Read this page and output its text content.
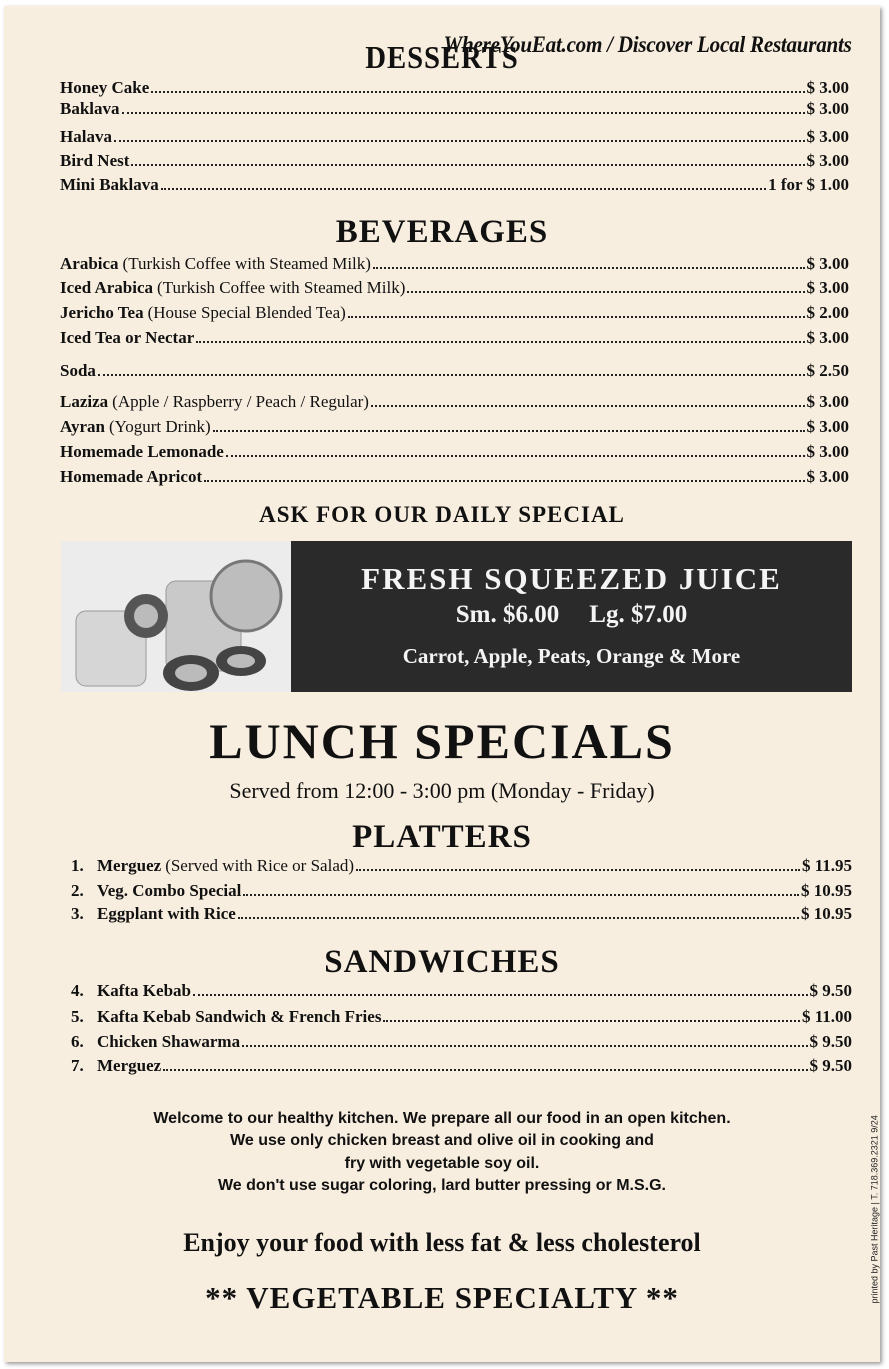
WhereYouEat.com / Discover Local Restaurants
DESSERTS
Honey Cake	$ 3.00
Baklava	$ 3.00
Halava	$ 3.00
Bird Nest	$ 3.00
Mini Baklava	1 for $ 1.00
BEVERAGES
Arabica (Turkish Coffee with Steamed Milk)	$ 3.00
Iced Arabica (Turkish Coffee with Steamed Milk)	$ 3.00
Jericho Tea (House Special Blended Tea)	$ 2.00
Iced Tea or Nectar	$ 3.00
Soda	$ 2.50
Laziza (Apple / Raspberry / Peach / Regular)	$ 3.00
Ayran (Yogurt Drink)	$ 3.00
Homemade Lemonade	$ 3.00
Homemade Apricot	$ 3.00
ASK FOR OUR DAILY SPECIAL
FRESH SQUEEZED JUICE
Sm. $6.00 Lg. $7.00
Carrot, Apple, Peats, Orange & More
LUNCH SPECIALS
Served from 12:00 - 3:00 pm (Monday - Friday)
PLATTERS
1. Merguez (Served with Rice or Salad)	$ 11.95
2. Veg. Combo Special	$ 10.95
3. Eggplant with Rice	$ 10.95
SANDWICHES
4. Kafta Kebab	$ 9.50
5. Kafta Kebab Sandwich & French Fries	$ 11.00
6. Chicken Shawarma	$ 9.50
7. Merguez	$ 9.50
Welcome to our healthy kitchen. We prepare all our food in an open kitchen.
We use only chicken breast and olive oil in cooking and
fry with vegetable soy oil.
We don't use sugar coloring, lard butter pressing or M.S.G.
Enjoy your food with less fat & less cholesterol
** VEGETABLE SPECIALTY **	printed by Past Heritage | T. 718.369.2321 9/24
